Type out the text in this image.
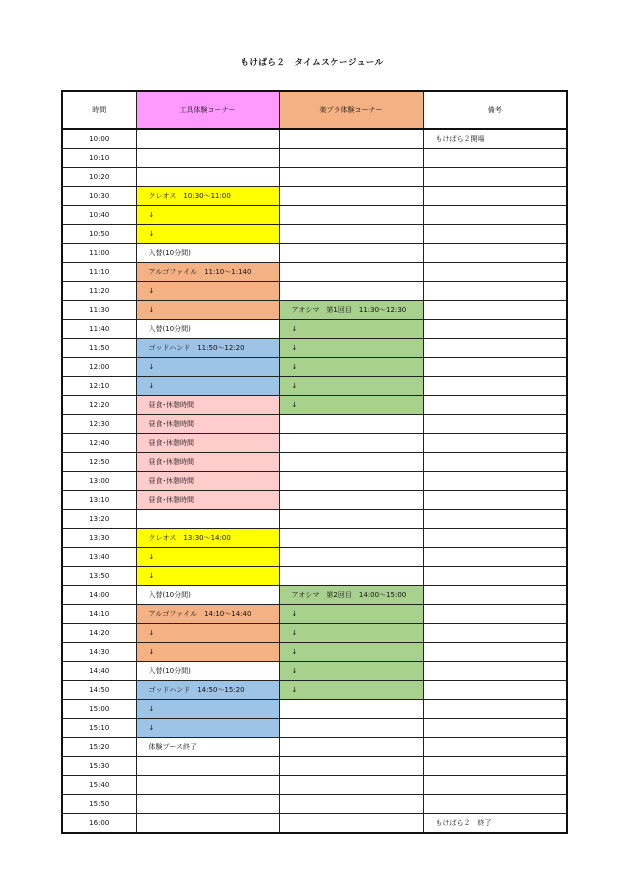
もけぱら２　タイムスケージュール
時間	工具体験コーナー	楽プラ体験コーナー	備考
10:00			もけぱら２開場
10:10			
10:20			
10:30	クレオス　10:30〜11:00		
10:40	↓		
10:50	↓		
11:00	入替(10分間)		
11:10	アルゴファイル　11:10〜1:140		
11:20	↓		
11:30	↓	アオシマ　第1回目　11:30〜12:30	
11:40	入替(10分間)	↓	
11:50	ゴッドハンド　11:50〜12:20	↓	
12:00	↓	↓	
12:10	↓	↓	
12:20	昼食･休憩時間	↓	
12:30	昼食･休憩時間		
12:40	昼食･休憩時間		
12:50	昼食･休憩時間		
13:00	昼食･休憩時間		
13:10	昼食･休憩時間		
13:20			
13:30	クレオス　13:30〜14:00		
13:40	↓		
13:50	↓		
14:00	入替(10分間)	アオシマ　第2回目　14:00〜15:00	
14:10	アルゴファイル　14:10〜14:40	↓	
14:20	↓	↓	
14:30	↓	↓	
14:40	入替(10分間)	↓	
14:50	ゴッドハンド　14:50〜15:20	↓	
15:00	↓		
15:10	↓		
15:20	体験ブース終了		
15:30			
15:40			
15:50			
16:00			もけぱら２　終了
